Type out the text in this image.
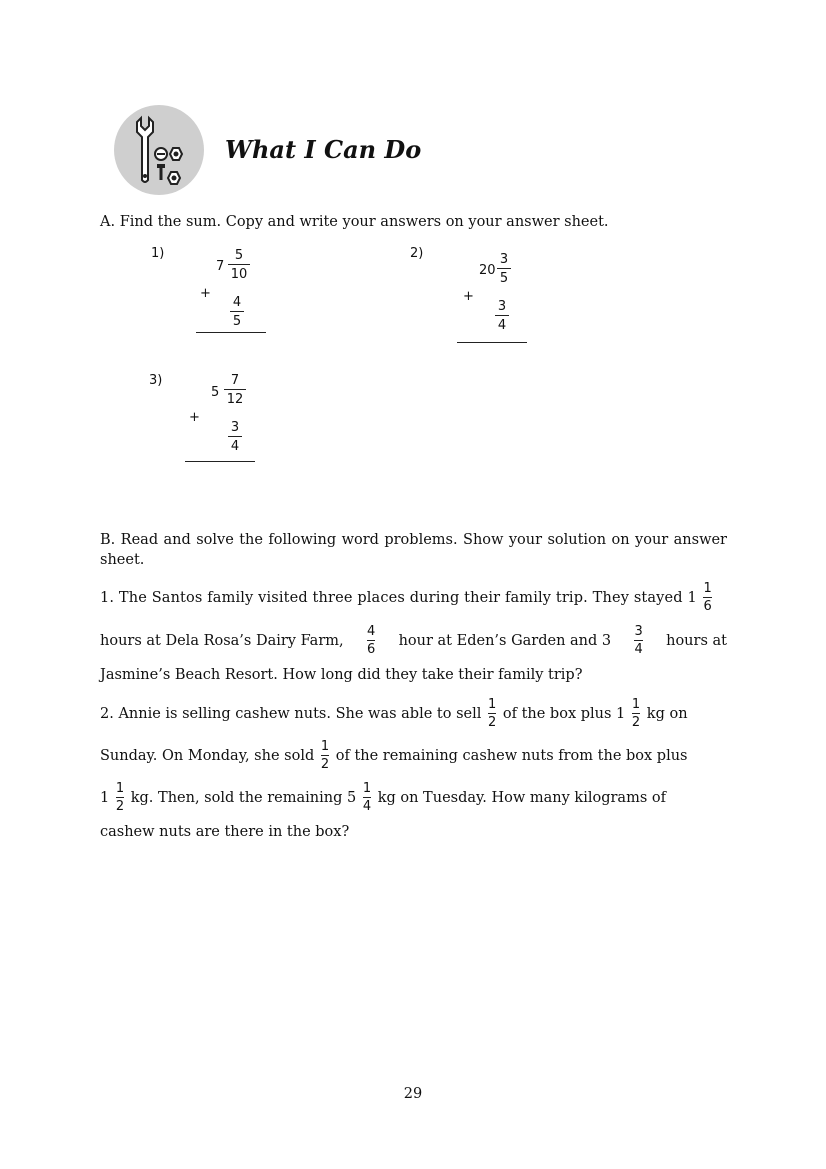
What I Can Do
A. Find the sum. Copy and write your answers on your answer sheet.
1)
7
5
10
+
4
5
2)
20
3
5
+
3
4
3)
5
7
12
+
3
4
B. Read and solve the following word problems. Show your solution on your answer sheet.
1. The Santos family visited three places during their family trip. They stayed $1 \frac{1}{6}$
hours at Dela Rosa’s Dairy Farm,
4
6
hour at Eden’s Garden and 3
3
4
hours at
Jasmine’s Beach Resort. How long did they take their family trip?
2. Annie is selling cashew nuts. She was able to sell $\frac{1}{2}$ of the box plus $1 \frac{1}{2}$ kg on
Sunday. On Monday, she sold $\frac{1}{2}$ of the remaining cashew nuts from the box plus
$1 \frac{1}{2}$ kg. Then, sold the remaining $5 \frac{1}{4}$ kg on Tuesday. How many kilograms of
cashew nuts are there in the box?
29
